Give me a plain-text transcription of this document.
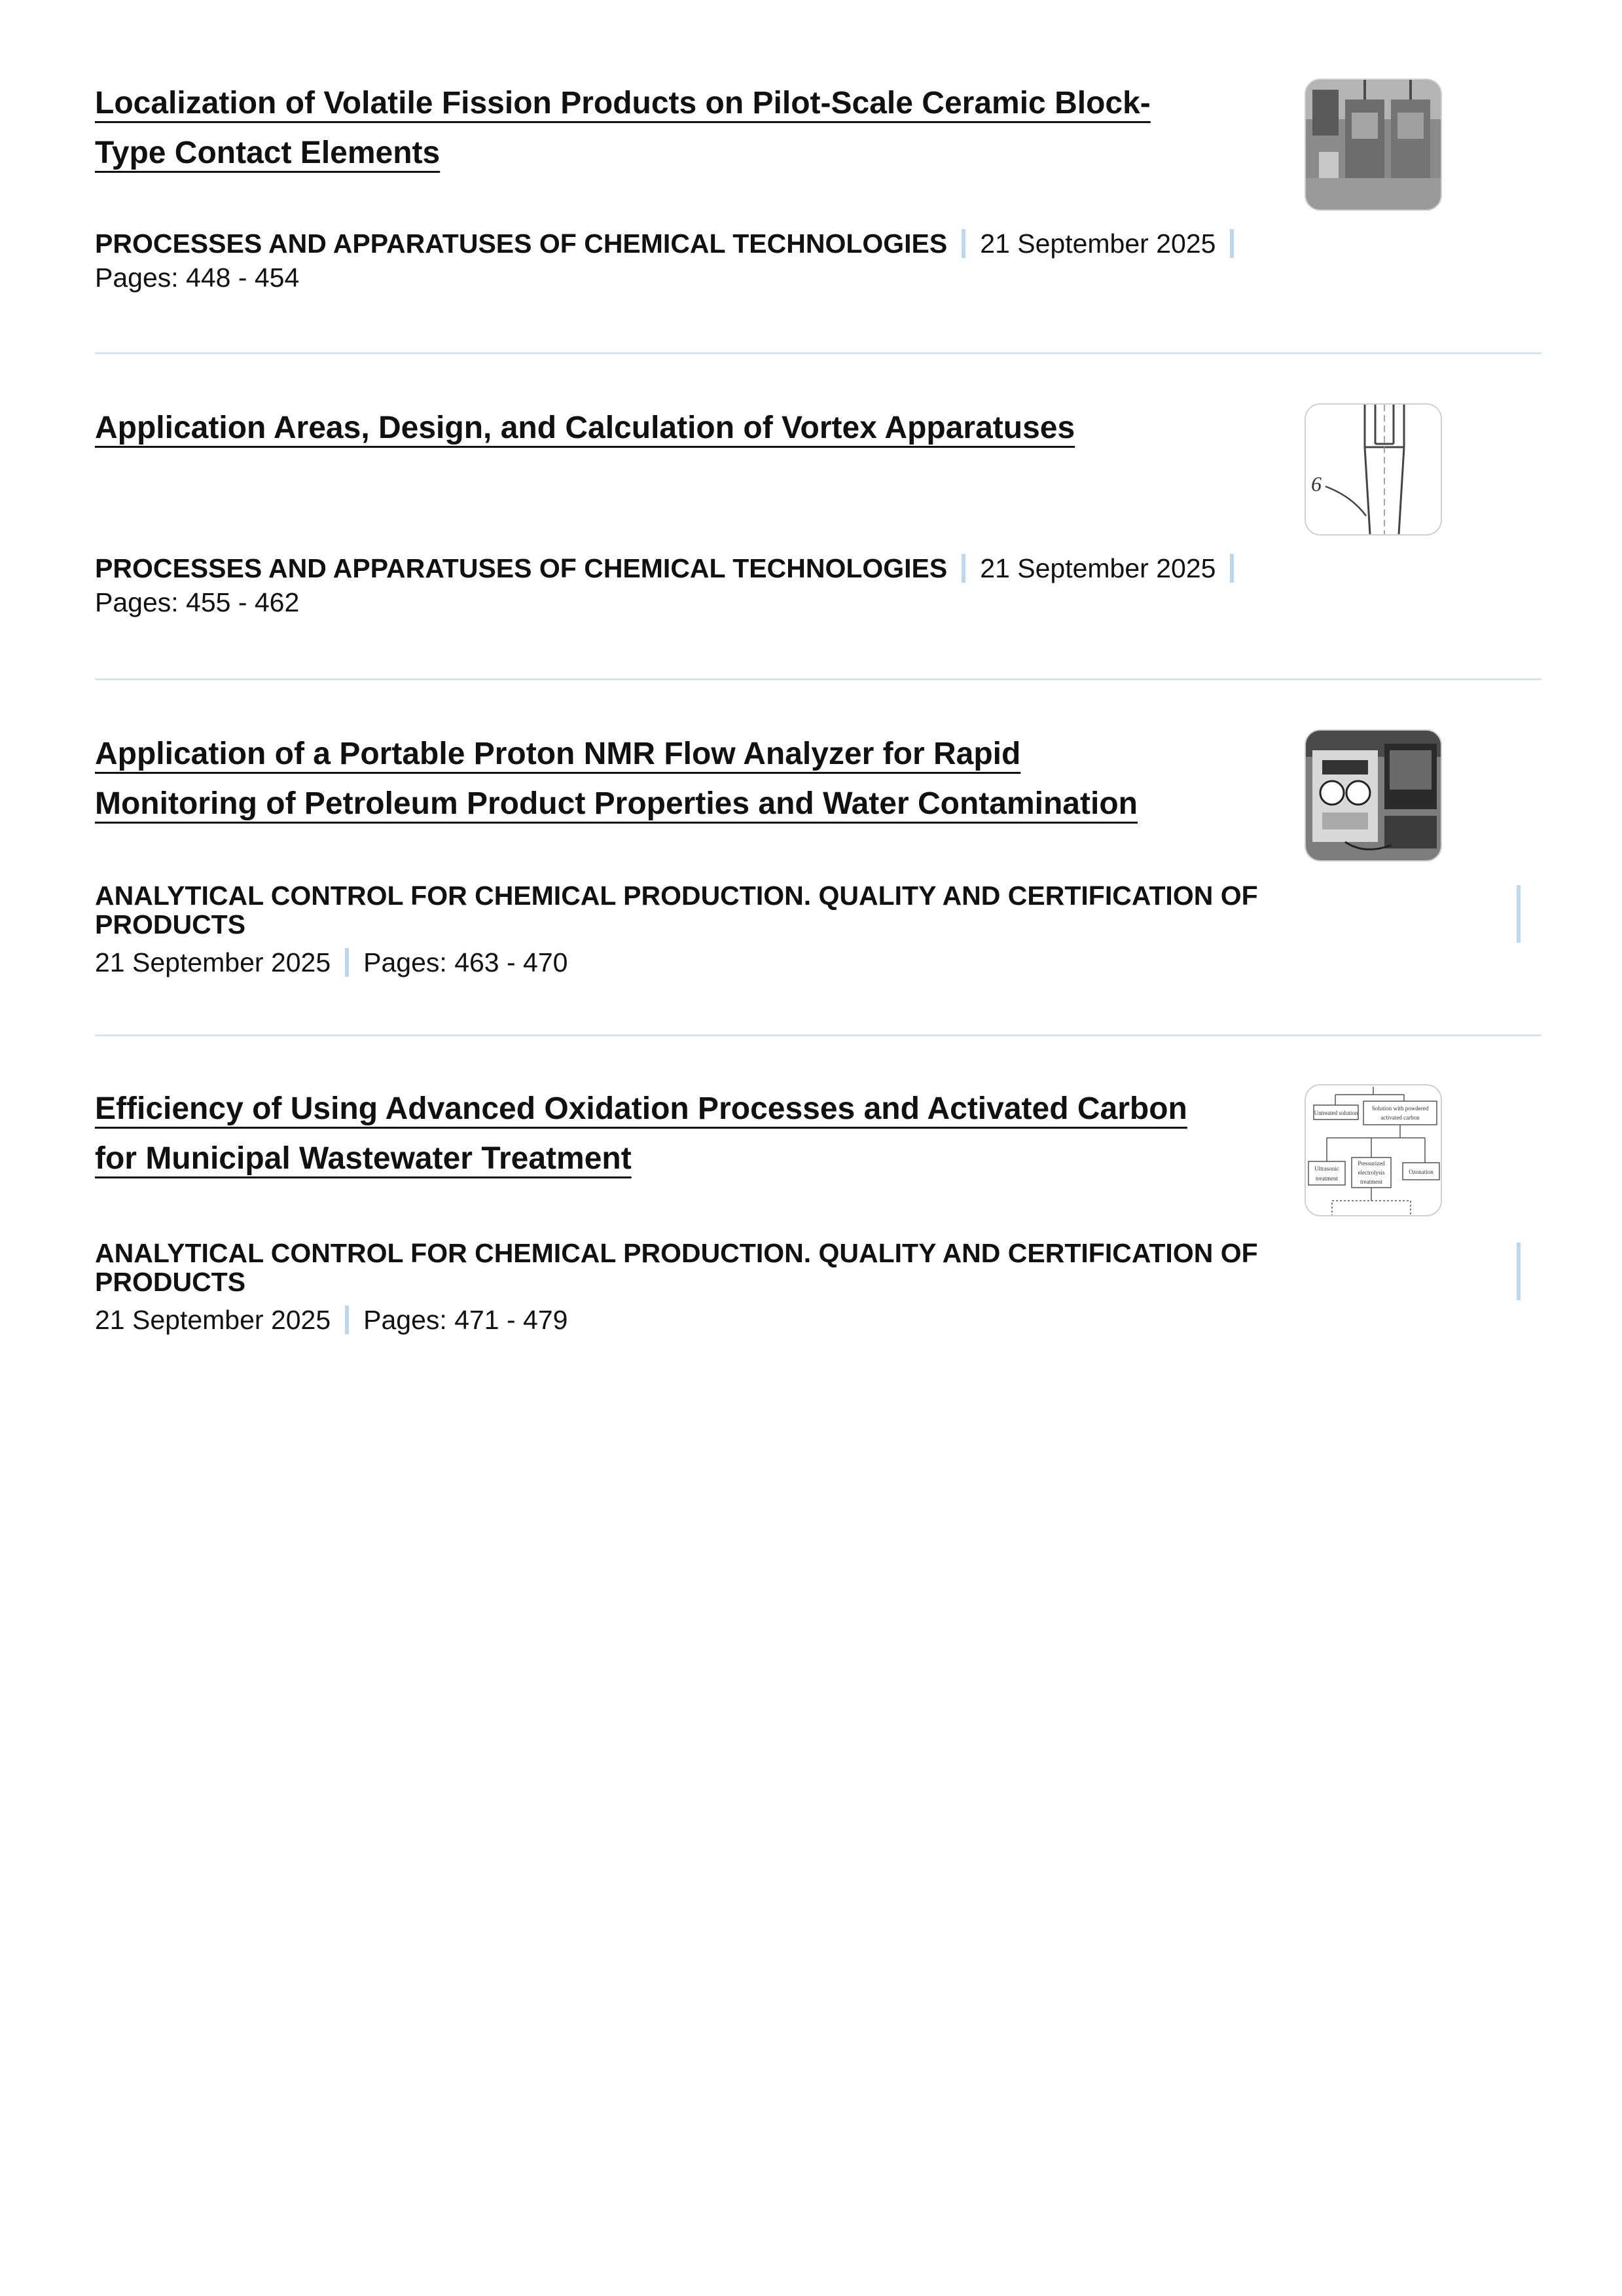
Localization of Volatile Fission Products on Pilot-Scale Ceramic Block-
Type Contact Elements
PROCESSES AND APPARATUSES OF CHEMICAL TECHNOLOGIES 21 September 2025
Pages: 448 - 454
Application Areas, Design, and Calculation of Vortex Apparatuses
6
PROCESSES AND APPARATUSES OF CHEMICAL TECHNOLOGIES 21 September 2025
Pages: 455 - 462
Application of a Portable Proton NMR Flow Analyzer for Rapid
Monitoring of Petroleum Product Properties and Water Contamination
ANALYTICAL CONTROL FOR CHEMICAL PRODUCTION. QUALITY AND CERTIFICATION OF
PRODUCTS
21 September 2025 Pages: 463 - 470
Efficiency of Using Advanced Oxidation Processes and Activated Carbon
for Municipal Wastewater Treatment
Untreated solution
Solution with powdered
activated carbon
Ultrasonic
treatment
Pressurized
electrolysis
treatment
Ozonation
ANALYTICAL CONTROL FOR CHEMICAL PRODUCTION. QUALITY AND CERTIFICATION OF
PRODUCTS
21 September 2025 Pages: 471 - 479
